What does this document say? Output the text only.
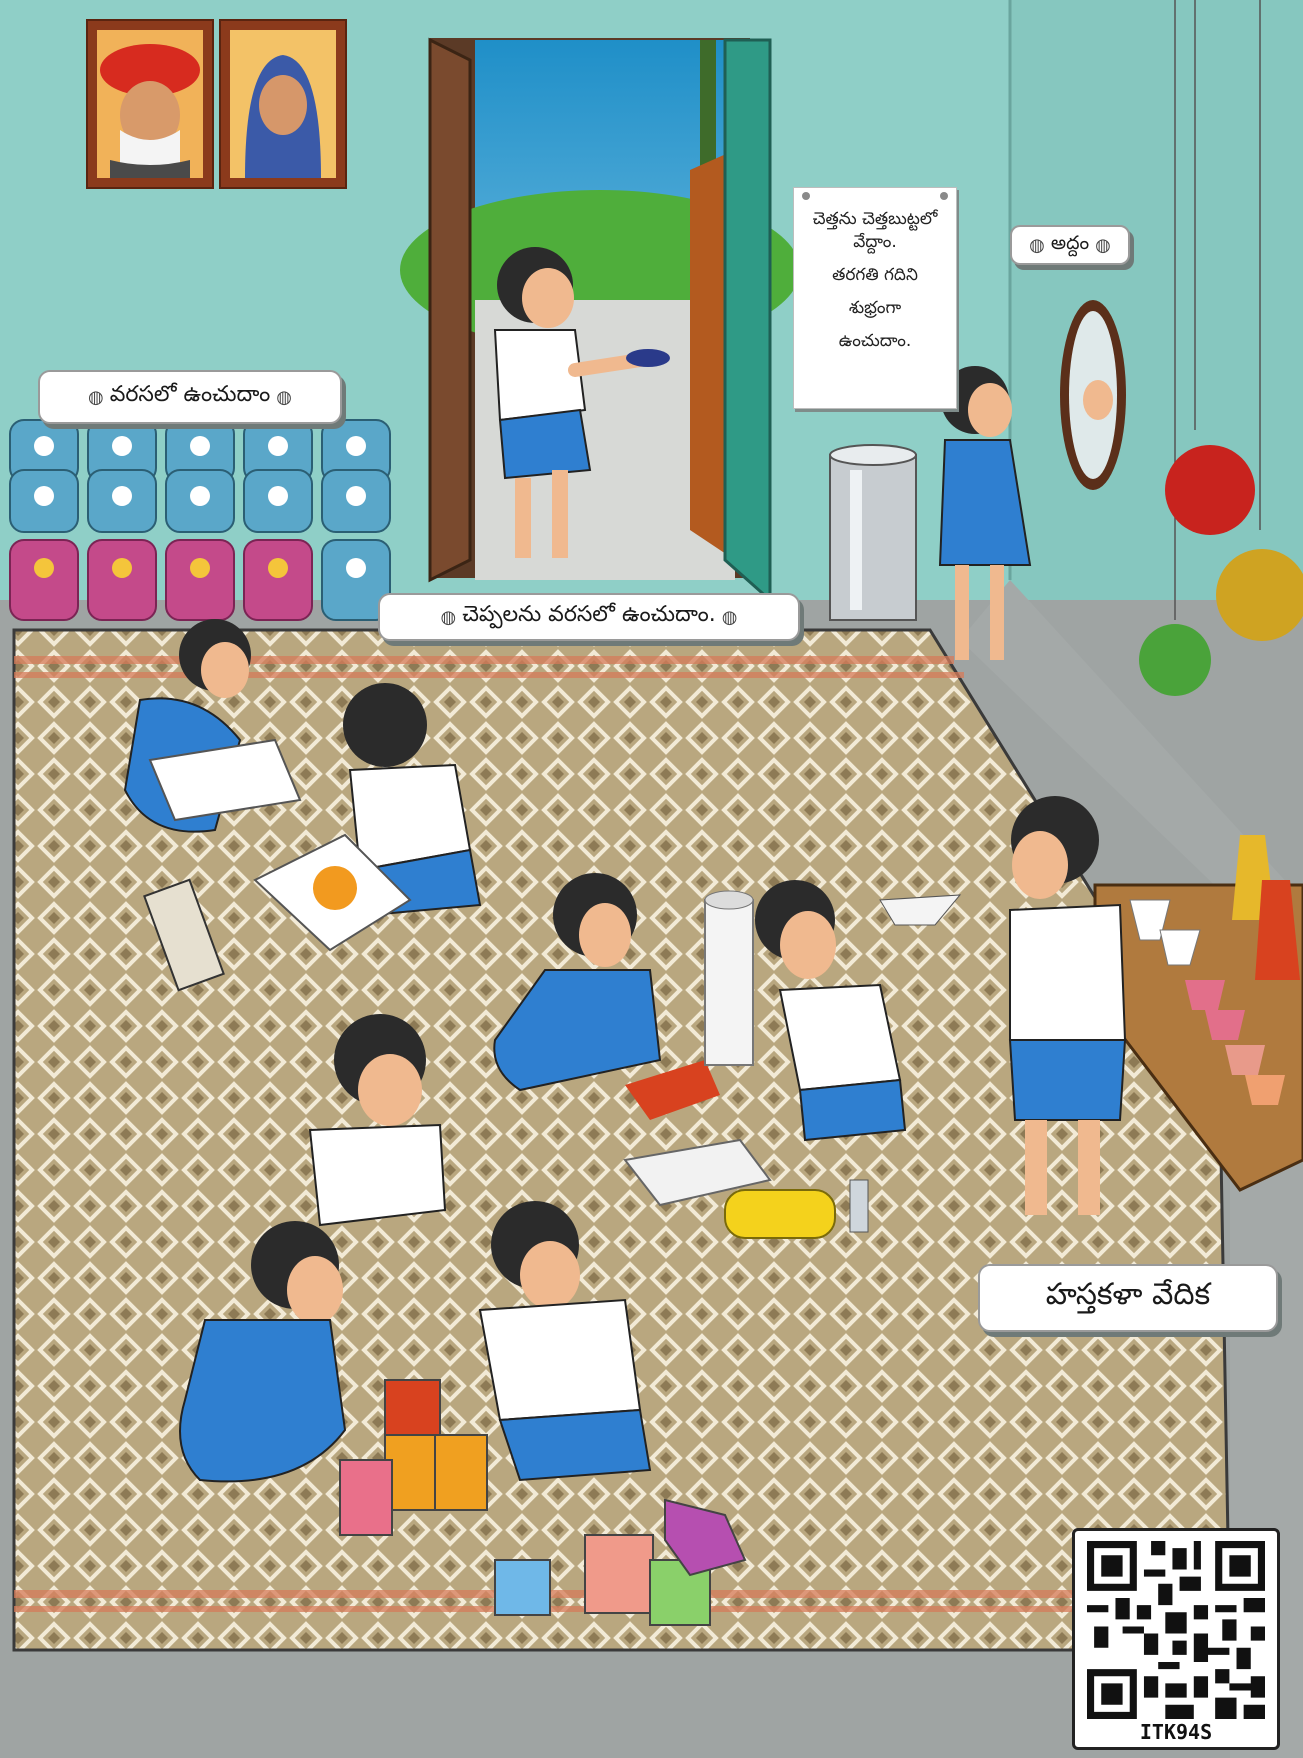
◍ వరసలో ఉంచుదాం ◍
◍ చెప్పలను వరసలో ఉంచుదాం. ◍
◍ అద్దం ◍
హస్తకళా వేదిక

చెత్తను చెత్తబుట్టలో

వేద్దాం.

తరగతి గదిని

శుభ్రంగా

ఉంచుదాం.

ITK94S
